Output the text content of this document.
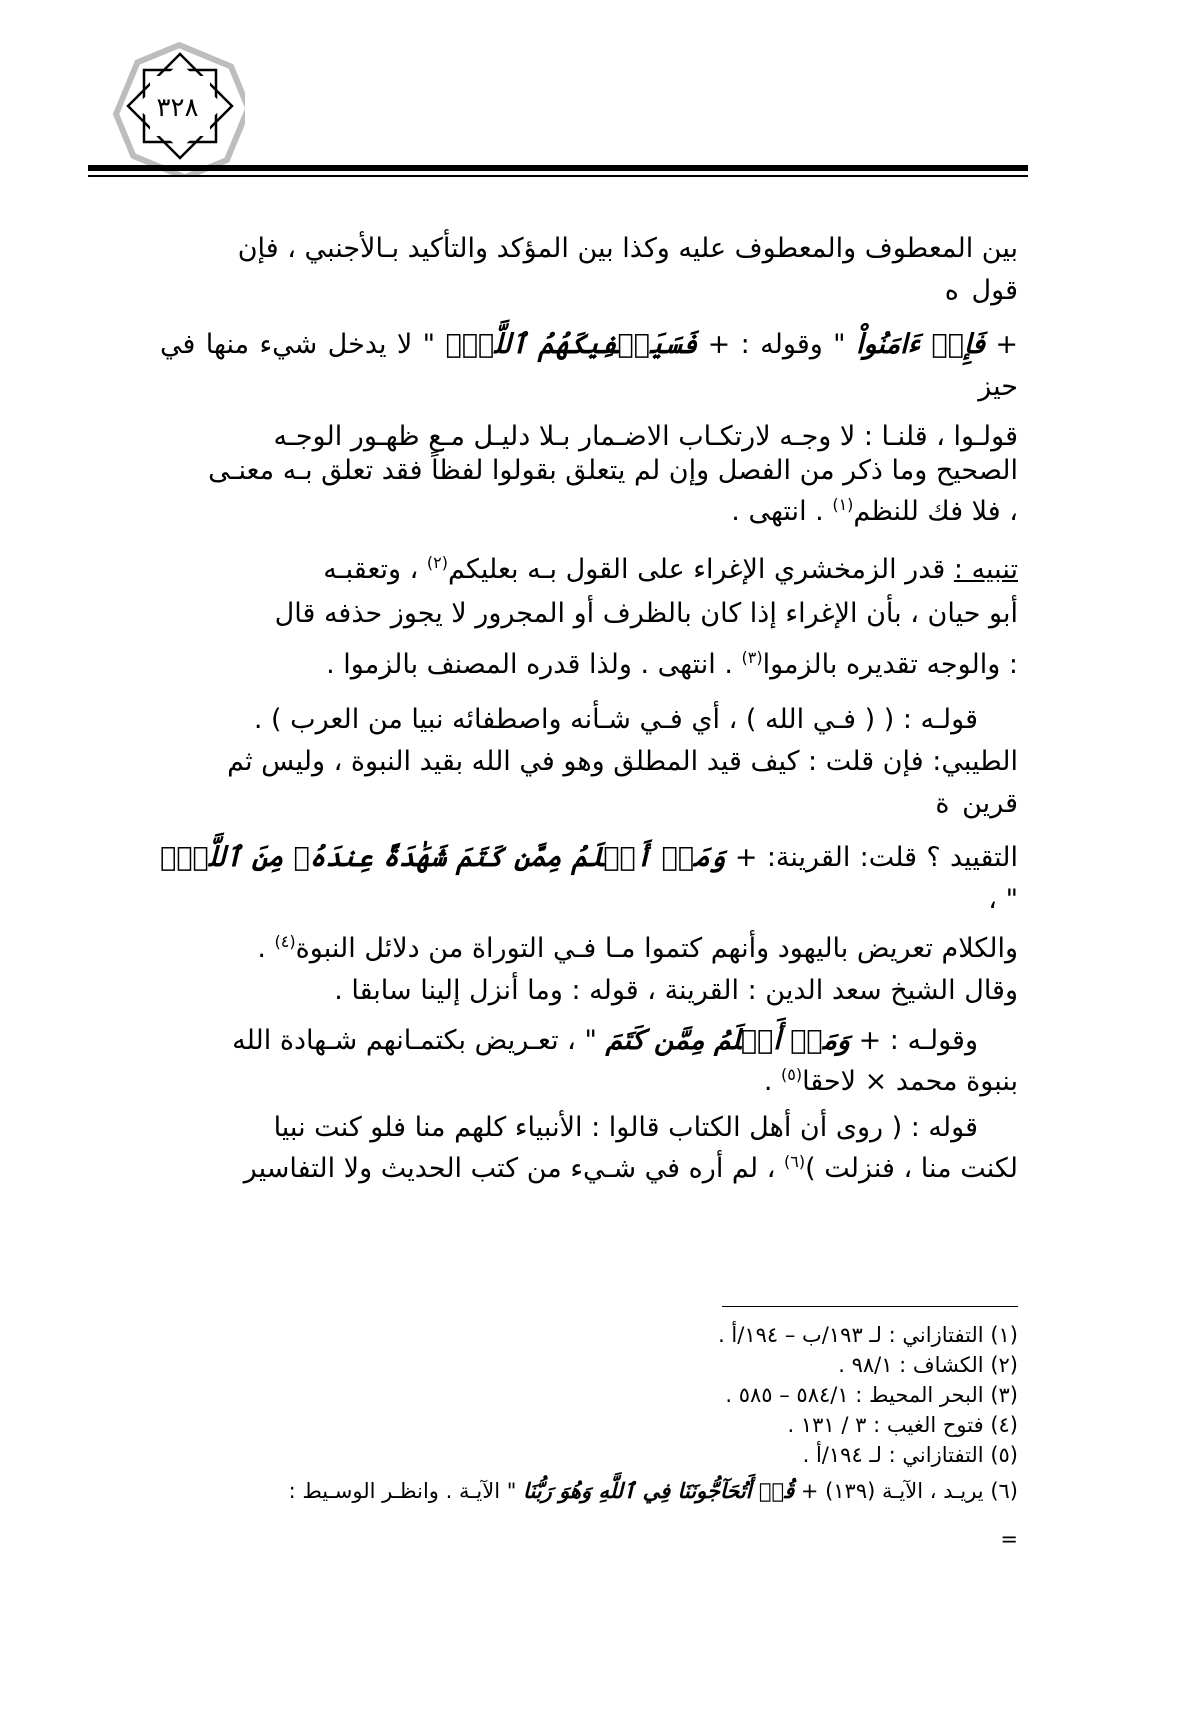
٣٢٨
بين المعطوف والمعطوف عليه وكذا بين المؤكد والتأكيد بـالأجنبي ، فإن
قول ه
+ فَإِنۡ ءَامَنُواْ " وقوله : + فَسَيَكۡفِيكَهُمُ ٱللَّهُۚ " لا يدخل شيء منها في حيز
قولـوا ، قلنـا : لا وجـه لارتكـاب الاضـمار بـلا دليـل مـع ظهـور الوجـه
الصحيح وما ذكر من الفصل وإن لم يتعلق بقولوا لفظاً فقد تعلق بـه معنـى
، فلا فك للنظم$^{(١)}$ . انتهى .
تنبيه : قدر الزمخشري الإغراء على القول بـه بعليكم$^{(٢)}$ ، وتعقبـه
أبو حيان ، بأن الإغراء إذا كان بالظرف أو المجرور لا يجوز حذفه قال
: والوجه تقديره بالزموا$^{(٣)}$ . انتهى . ولذا قدره المصنف بالزموا .
قولـه : ( ( فـي الله ) ، أي فـي شـأنه واصطفائه نبيا من العرب ) .
الطيبي: فإن قلت : كيف قيد المطلق وهو في الله بقيد النبوة ، وليس ثم
قرين ة
التقييد ؟ قلت: القرينة: + وَمَنۡ أَظۡلَمُ مِمَّن كَتَمَ شَهَٰدَةً عِندَهُۥ مِنَ ٱللَّهِۗ " ،
والكلام تعريض باليهود وأنهم كتموا مـا فـي التوراة من دلائل النبوة$^{(٤)}$ .
وقال الشيخ سعد الدين : القرينة ، قوله : وما أنزل إلينا سابقا .
وقولـه : + وَمَنۡ أَظۡلَمُ مِمَّن كَتَمَ " ، تعـريض بكتمـانهم شـهادة الله
بنبوة محمد × لاحقا$^{(٥)}$ .
قوله : ( روى أن أهل الكتاب قالوا : الأنبياء كلهم منا فلو كنت نبيا
لكنت منا ، فنزلت )$^{(٦)}$ ، لم أره في شـيء من كتب الحديث ولا التفاسير
(١) التفتازاني : لـ ١٩٣/ب – ١٩٤/أ .
(٢) الكشاف : ٩٨/١ .
(٣) البحر المحيط : ٥٨٤/١ – ٥٨٥ .
(٤) فتوح الغيب : ٣ / ١٣١ .
(٥) التفتازاني : لـ ١٩٤/أ .
(٦) يريـد ، الآيـة (١٣٩) + قُلۡ أَتُحَآجُّونَنَا فِي ٱللَّهِ وَهُوَ رَبُّنَا " الآيـة . وانظـر الوسـيط :
=
